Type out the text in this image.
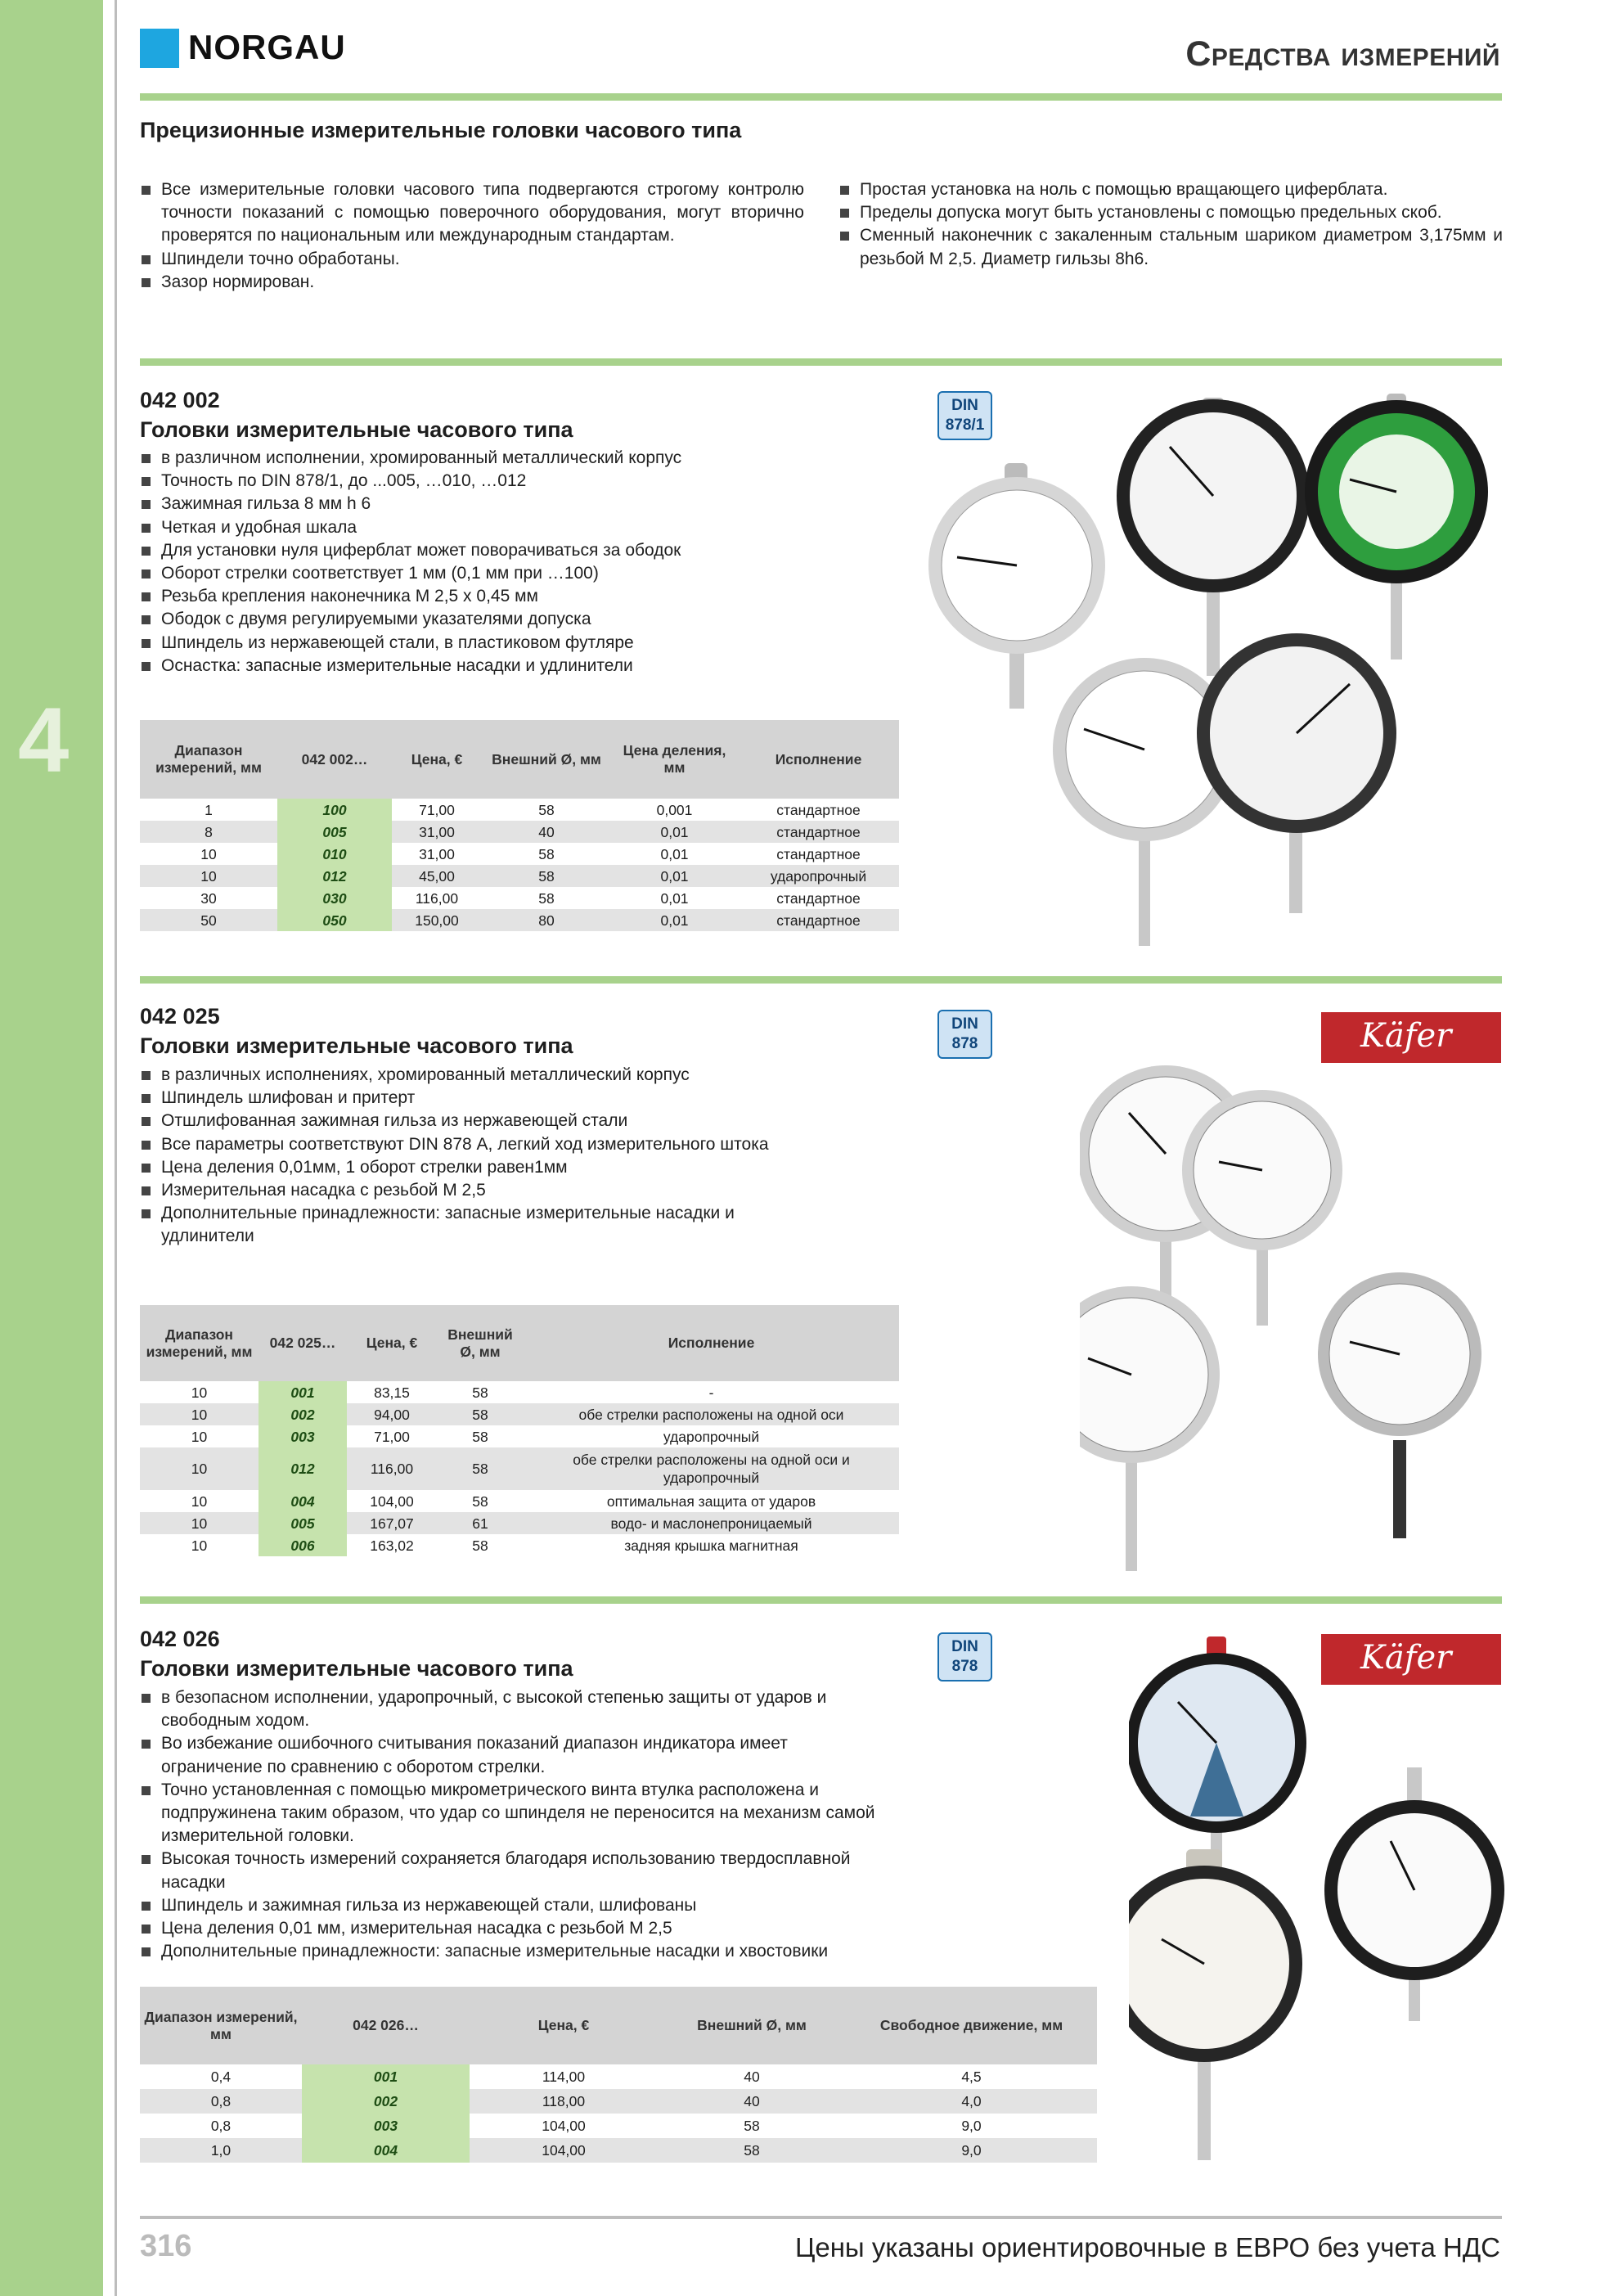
4
NORGAU	Средства измерений
Прецизионные измерительные головки часового типа
Все измерительные головки часового типа подвергаются строгому контролю точности показаний с помощью поверочного оборудования, могут вторично проверятся по национальным или международным стандартам.
Шпиндели точно обработаны.
Зазор нормирован.
Простая установка на ноль с помощью вращающего циферблата.
Пределы допуска могут быть установлены с помощью предельных скоб.
Сменный наконечник с закаленным стальным шариком диаметром 3,175мм и резьбой М 2,5. Диаметр гильзы 8h6.
042 002
Головки измерительные часового типа
в различном исполнении, хромированный металлический корпус
Точность по DIN 878/1, до ...005, …010, …012
Зажимная гильза 8 мм h 6
Четкая и удобная шкала
Для установки нуля циферблат может поворачиваться за ободок
Оборот стрелки соответствует 1 мм (0,1 мм при …100)
Резьба крепления наконечника М 2,5 x 0,45 мм
Ободок с двумя регулируемыми указателями допуска
Шпиндель из нержавеющей стали, в пластиковом футляре
Оснастка: запасные измерительные насадки и удлинители
DIN
878/1
Диапазон измерений, мм	042 002…	Цена, €	Внешний Ø, мм	Цена деления, мм	Исполнение
1	100	71,00	58	0,001	стандартное
8	005	31,00	40	0,01	стандартное
10	010	31,00	58	0,01	стандартное
10	012	45,00	58	0,01	ударопрочный
30	030	116,00	58	0,01	стандартное
50	050	150,00	80	0,01	стандартное
042 025
Головки измерительные часового типа
в различных исполнениях, хромированный металлический корпус
Шпиндель шлифован и притерт
Отшлифованная зажимная гильза из нержавеющей стали
Все параметры соответствуют DIN 878 А, легкий ход измерительного штока
Цена деления 0,01мм, 1 оборот стрелки равен1мм
Измерительная насадка с резьбой М 2,5
Дополнительные принадлежности: запасные измерительные насадки и удлинители
DIN
878	Käfer
Диапазон измерений, мм	042 025…	Цена, €	Внешний Ø, мм	Исполнение
10	001	83,15	58	-
10	002	94,00	58	обе стрелки расположены на одной оси
10	003	71,00	58	ударопрочный
10	012	116,00	58	обе стрелки расположены на одной оси и ударопрочный
10	004	104,00	58	оптимальная защита от ударов
10	005	167,07	61	водо- и маслонепроницаемый
10	006	163,02	58	задняя крышка магнитная
042 026
Головки измерительные часового типа
в безопасном исполнении, ударопрочный, с высокой степенью защиты от ударов и свободным ходом.
Во избежание ошибочного считывания показаний диапазон индикатора имеет ограничение по сравнению с оборотом стрелки.
Точно установленная с помощью микрометрического винта втулка расположена и подпружинена таким образом, что удар со шпинделя не переносится на механизм самой измерительной головки.
Высокая точность измерений сохраняется благодаря использованию твердосплавной насадки
Шпиндель и зажимная гильза из нержавеющей стали, шлифованы
Цена деления 0,01 мм, измерительная насадка с резьбой М 2,5
Дополнительные принадлежности: запасные измерительные насадки и хвостовики
DIN
878	Käfer
Диапазон измерений, мм	042 026…	Цена, €	Внешний Ø, мм	Свободное движение, мм
0,4	001	114,00	40	4,5
0,8	002	118,00	40	4,0
0,8	003	104,00	58	9,0
1,0	004	104,00	58	9,0
316	Цены указаны ориентировочные в ЕВРО без учета НДС
